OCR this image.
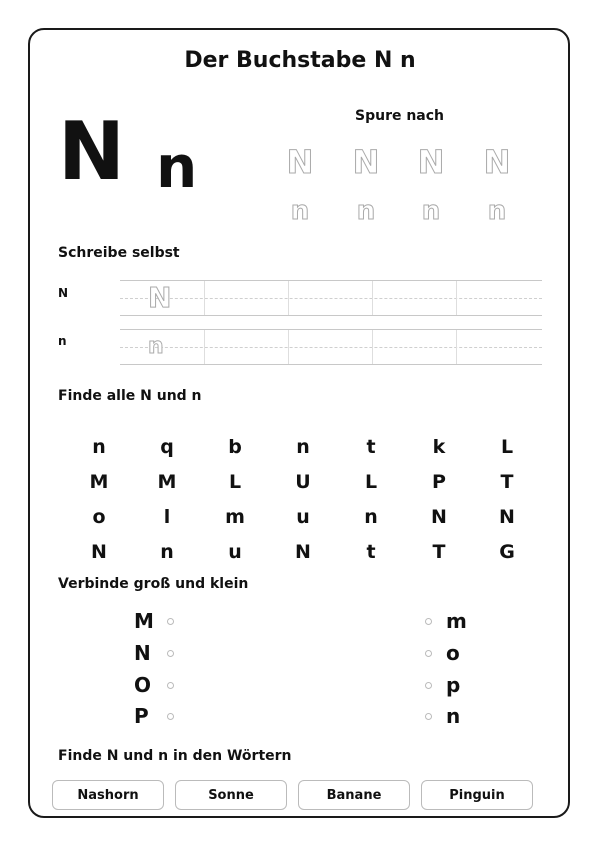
Der Buchstabe N n
N n
Spure nach
N N N N
n	n	n	n
Schreibe selbst
N	N
n	n
Finde alle N und n
n	q	b	n	t	k	L
M	M	L	U	L	P	T
o	l	m	u	n	N	N
N	n	u	N	t	T	G
Verbinde groß und klein
M
N
O
P
m
o
p
n
Finde N und n in den Wörtern
Nashorn	Sonne	Banane	Pinguin
